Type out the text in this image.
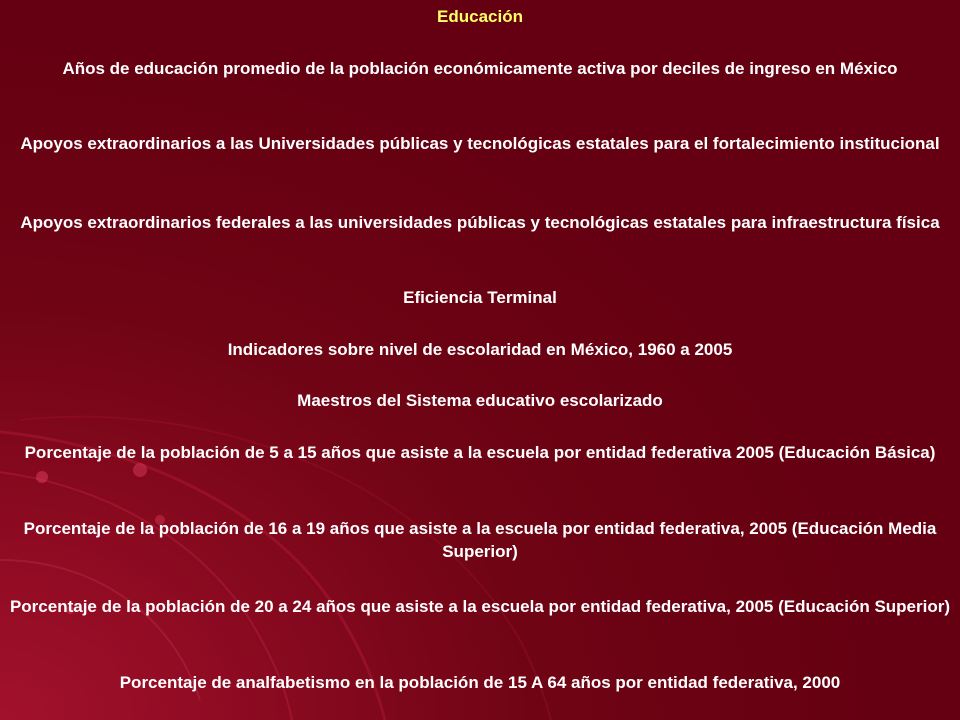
Educación
Años de educación promedio de la población económicamente activa por deciles de ingreso en México
Apoyos extraordinarios a las Universidades públicas y tecnológicas estatales para el fortalecimiento institucional
Apoyos extraordinarios federales a las universidades públicas y tecnológicas estatales para infraestructura física
Eficiencia Terminal
Indicadores sobre nivel de escolaridad en México, 1960 a 2005
Maestros del Sistema educativo escolarizado
Porcentaje de la población de 5 a 15 años que asiste a la escuela por entidad federativa 2005 (Educación Básica)
Porcentaje de la población de 16 a 19 años que asiste a la escuela por entidad federativa, 2005 (Educación Media Superior)
Porcentaje de la población de 20 a 24 años que asiste a la escuela por entidad federativa, 2005 (Educación Superior)
Porcentaje de analfabetismo en la población de 15 A 64 años por entidad federativa, 2000
